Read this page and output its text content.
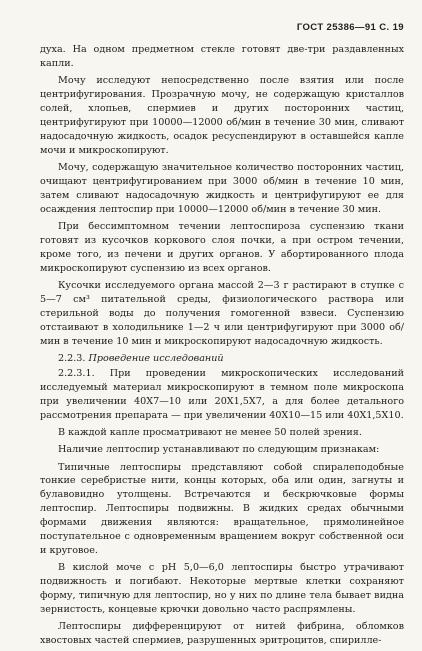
ГОСТ 25386—91 С. 19

духа. На одном предметном стекле готовят две-три раздавленных капли.

Мочу исследуют непосредственно после взятия или после центрифугирования. Прозрачную мочу, не содержащую кристаллов солей, хлопьев, спермиев и других посторонних частиц, центрифугируют при 10000—12000 об/мин в течение 30 мин, сливают надосадочную жидкость, осадок ресуспендируют в оставшейся капле мочи и микроскопируют.

Мочу, содержащую значительное количество посторонних частиц, очищают центрифугированием при 3000 об/мин в течение 10 мин, затем сливают надосадочную жидкость и центрифугируют ее для осаждения лептоспир при 10000—12000 об/мин в течение 30 мин.

При бессимптомном течении лептоспироза суспензию ткани готовят из кусочков коркового слоя почки, а при остром течении, кроме того, из печени и других органов. У абортированного плода микроскопируют суспензию из всех органов.

Кусочки исследуемого органа массой 2—3 г растирают в ступке с 5—7 см³ питательной среды, физиологического раствора или стерильной воды до получения гомогенной взвеси. Суспензию отстаивают в холодильнике 1—2 ч или центрифугируют при 3000 об/мин в течение 10 мин и микроскопируют надосадочную жидкость.

2.2.3. Проведение исследований

2.2.3.1. При проведении микроскопических исследований исследуемый материал микроскопируют в темном поле микроскопа при увеличении 40Х7—10 или 20Х1,5Х7, а для более детального рассмотрения препарата — при увеличении 40Х10—15 или 40Х1,5Х10.

В каждой капле просматривают не менее 50 полей зрения.

Наличие лептоспир устанавливают по следующим признакам:

Типичные лептоспиры представляют собой спиралеподобные тонкие серебристые нити, концы которых, оба или один, загнуты и булавовидно утолщены. Встречаются и бескрючковые формы лептоспир. Лептоспиры подвижны. В жидких средах обычными формами движения являются: вращательное, прямолинейное поступательное с одновременным вращением вокруг собственной оси и круговое.

В кислой моче с рН 5,0—6,0 лептоспиры быстро утрачивают подвижность и погибают. Некоторые мертвые клетки сохраняют форму, типичную для лептоспир, но у них по длине тела бывает видна зернистость, концевые крючки довольно часто распрямлены.

Лептоспиры дифференцируют от нитей фибрина, обломков хвостовых частей спермиев, разрушенных эритроцитов, спирилле-
